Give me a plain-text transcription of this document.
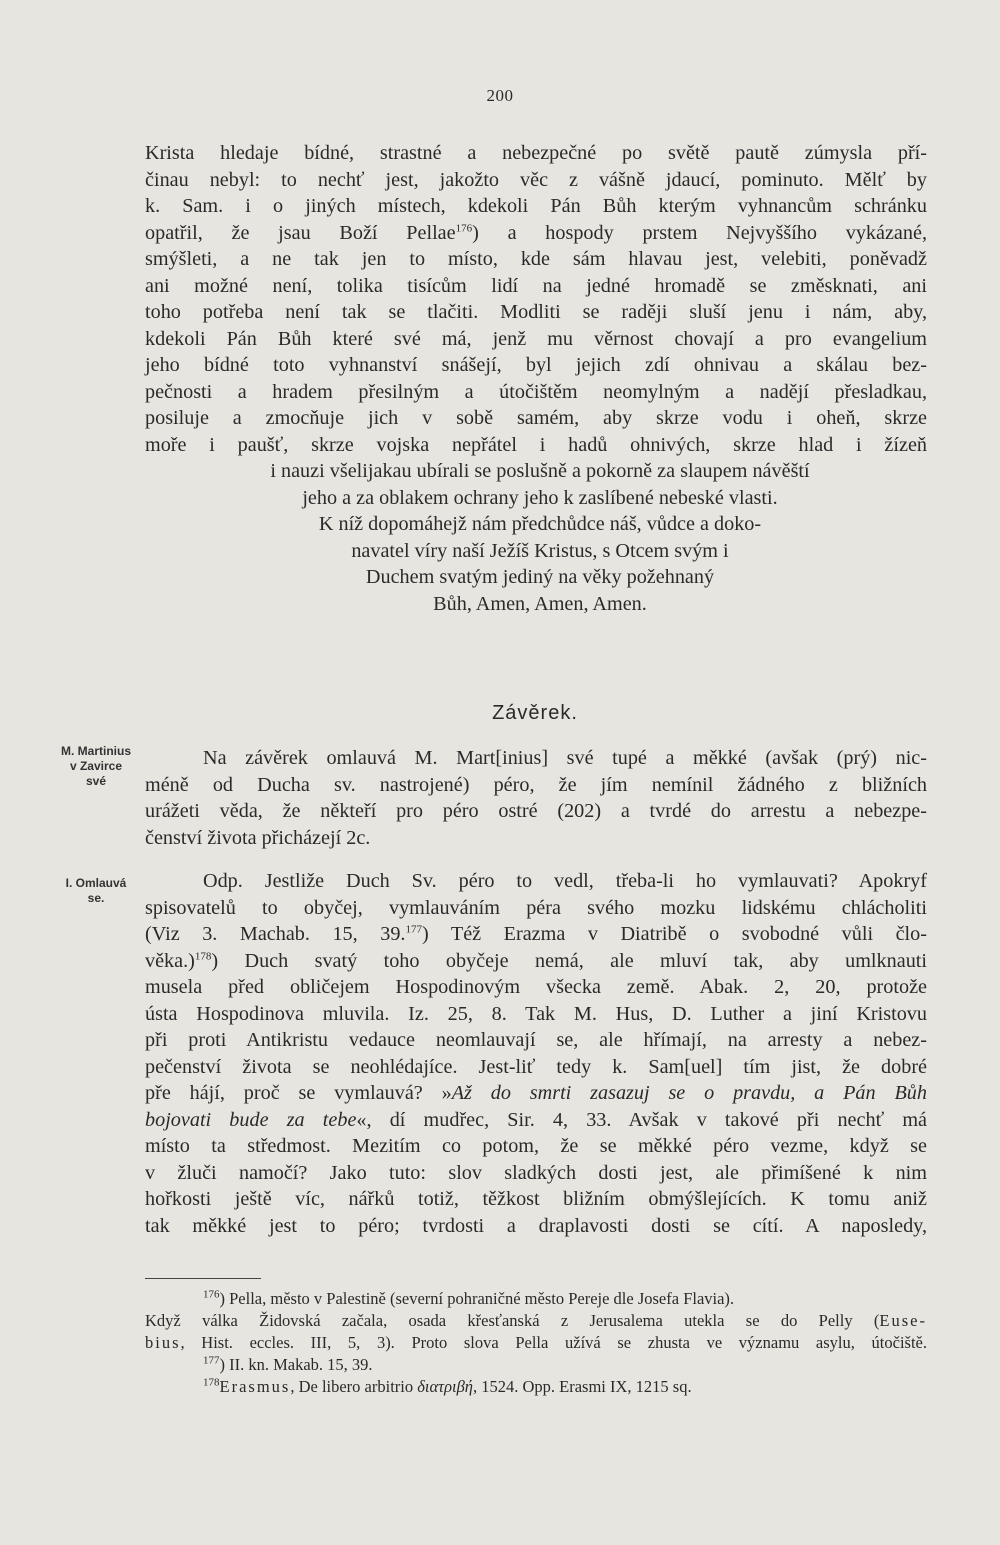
200
Krista hledaje bídné, strastné a nebezpečné po světě pautě zúmysla pří-
činau nebyl: to nechť jest, jakožto věc z vášně jdaucí, pominuto. Mělť by
k. Sam. i o jiných místech, kdekoli Pán Bůh kterým vyhnancům schránku
opatřil, že jsau Boží Pellae$^{176}$) a hospody prstem Nejvyššího vykázané,
smýšleti, a ne tak jen to místo, kde sám hlavau jest, velebiti, poněvadž
ani možné není, tolika tisícům lidí na jedné hromadě se změsknati, ani
toho potřeba není tak se tlačiti. Modliti se raději sluší jenu i nám, aby,
kdekoli Pán Bůh které své má, jenž mu věrnost chovají a pro evangelium
jeho bídné toto vyhnanství snášejí, byl jejich zdí ohnivau a skálau bez-
pečnosti a hradem přesilným a útočištěm neomylným a nadějí přesladkau,
posiluje a zmocňuje jich v sobě samém, aby skrze vodu i oheň, skrze
moře i paušť, skrze vojska nepřátel i hadů ohnivých, skrze hlad i žízeň
i nauzi všelijakau ubírali se poslušně a pokorně za slaupem návěští
jeho a za oblakem ochrany jeho k zaslíbené nebeské vlasti.
K níž dopomáhejž nám předchůdce náš, vůdce a doko-
navatel víry naší Ježíš Kristus, s Otcem svým i
Duchem svatým jediný na věky požehnaný
Bůh, Amen, Amen, Amen.
Závěrek.
M. Martinius
v Zavirce
své
I. Omlauvá
se.
Na závěrek omlauvá M. Mart[inius] své tupé a měkké (avšak (prý) nic-
méně od Ducha sv. nastrojené) péro, že jím nemínil žádného z bližních
urážeti věda, že někteří pro péro ostré (202) a tvrdé do arrestu a nebezpe-
čenství života přicházejí 2c.
Odp. Jestliže Duch Sv. péro to vedl, třeba-li ho vymlauvati? Apokryf
spisovatelů to obyčej, vymlauváním péra svého mozku lidskému chlácholiti
(Viz 3. Machab. 15, 39.$^{177}$) Též Erazma v Diatribě o svobodné vůli člo-
věka.)$^{178}$) Duch svatý toho obyčeje nemá, ale mluví tak, aby umlknauti
musela před obličejem Hospodinovým všecka země. Abak. 2, 20, protože
ústa Hospodinova mluvila. Iz. 25, 8. Tak M. Hus, D. Luther a jiní Kristovu
při proti Antikristu vedauce neomlauvají se, ale hřímají, na arresty a nebez-
pečenství života se neohlédajíce. Jest-liť tedy k. Sam[uel] tím jist, že dobré
pře hájí, proč se vymlauvá? »Až do smrti zasazuj se o pravdu, a Pán Bůh
bojovati bude za tebe«, dí mudřec, Sir. 4, 33. Avšak v takové při nechť má
místo ta středmost. Mezitím co potom, že se měkké péro vezme, když se
v žluči namočí? Jako tuto: slov sladkých dosti jest, ale přimíšené k nim
hořkosti ještě víc, nářků totiž, těžkost bližním obmýšlejících. K tomu aniž
tak měkké jest to péro; tvrdosti a draplavosti dosti se cítí. A naposledy,
$^{176}$) Pella, město v Palestině (severní pohraničné město Pereje dle Josefa Flavia).
Když válka Židovská začala, osada křesťanská z Jerusalema utekla se do Pelly (Euse-
bius, Hist. eccles. III, 5, 3). Proto slova Pella užívá se zhusta ve významu asylu, útočiště.
$^{177}$) II. kn. Makab. 15, 39.
$^{178}$Erasmus, De libero arbitrio διατριβή, 1524. Opp. Erasmi IX, 1215 sq.
